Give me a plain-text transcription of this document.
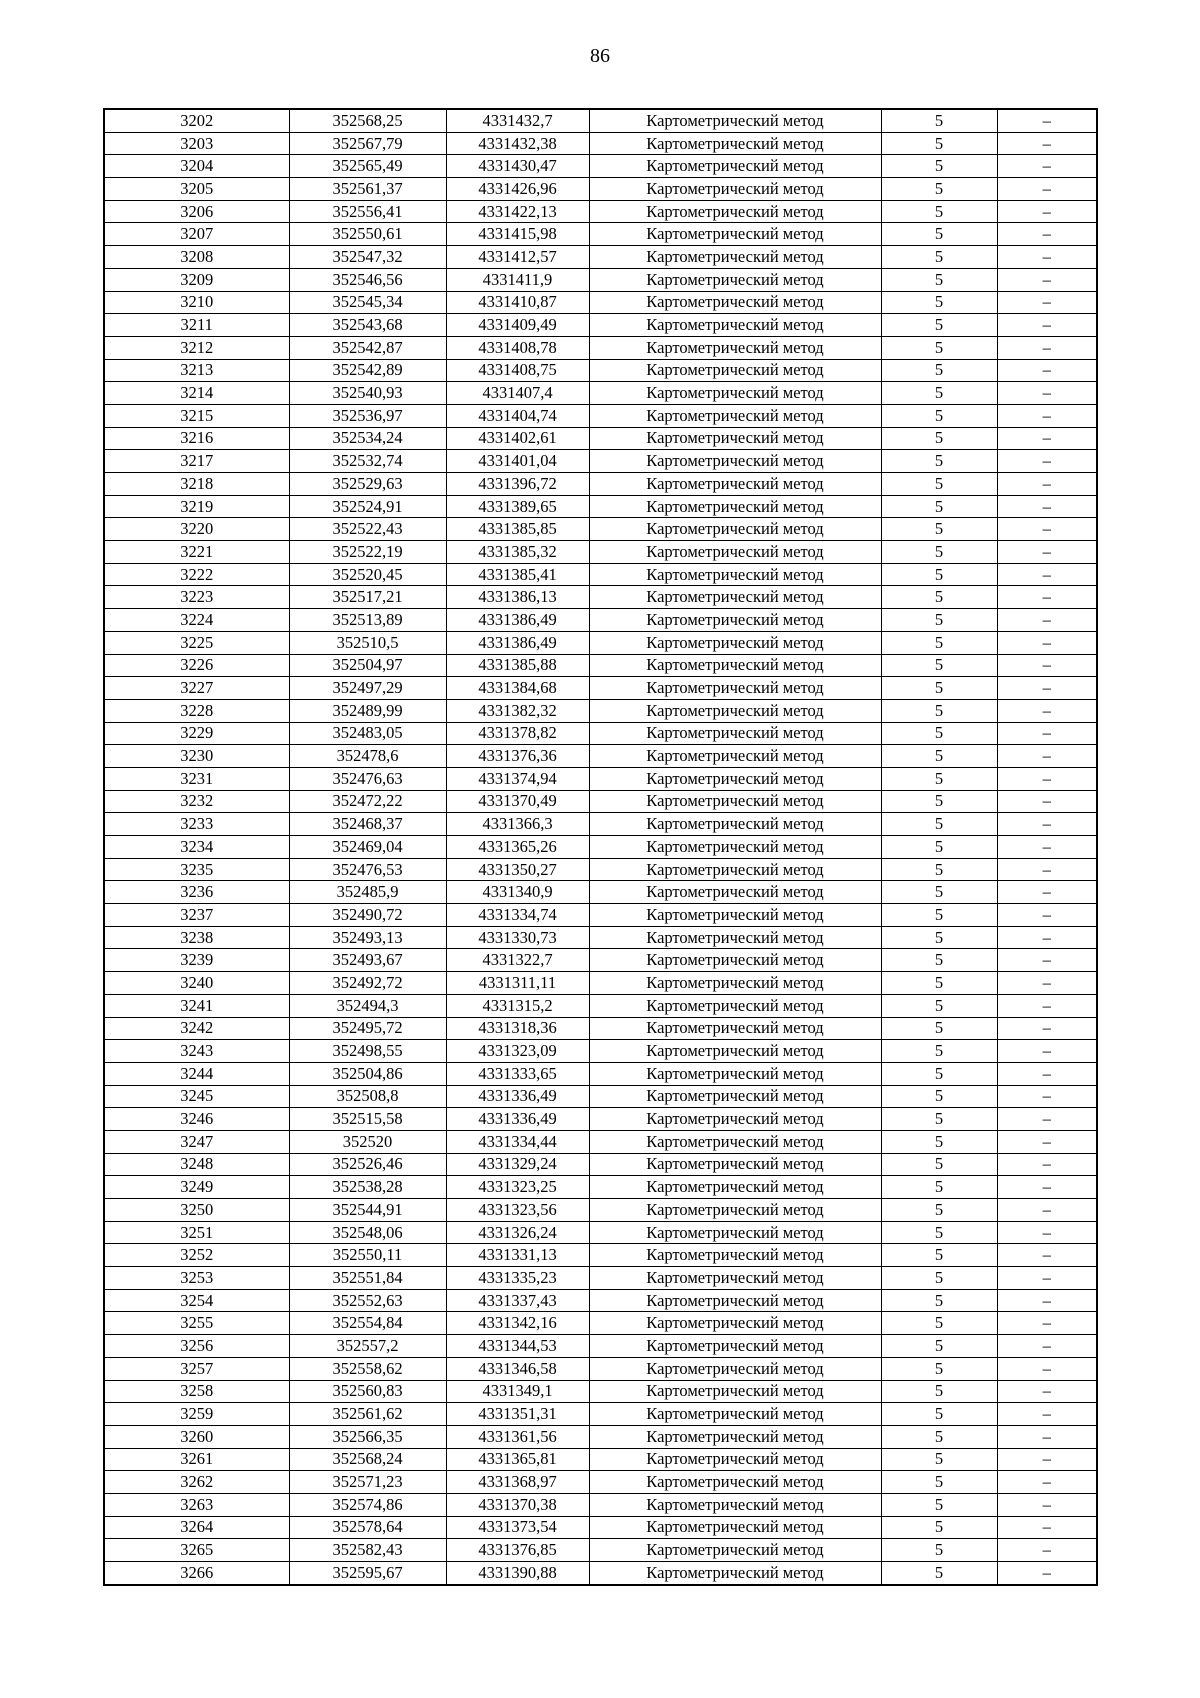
86
3202	352568,25	4331432,7	Картометрический метод	5	–
3203	352567,79	4331432,38	Картометрический метод	5	–
3204	352565,49	4331430,47	Картометрический метод	5	–
3205	352561,37	4331426,96	Картометрический метод	5	–
3206	352556,41	4331422,13	Картометрический метод	5	–
3207	352550,61	4331415,98	Картометрический метод	5	–
3208	352547,32	4331412,57	Картометрический метод	5	–
3209	352546,56	4331411,9	Картометрический метод	5	–
3210	352545,34	4331410,87	Картометрический метод	5	–
3211	352543,68	4331409,49	Картометрический метод	5	–
3212	352542,87	4331408,78	Картометрический метод	5	–
3213	352542,89	4331408,75	Картометрический метод	5	–
3214	352540,93	4331407,4	Картометрический метод	5	–
3215	352536,97	4331404,74	Картометрический метод	5	–
3216	352534,24	4331402,61	Картометрический метод	5	–
3217	352532,74	4331401,04	Картометрический метод	5	–
3218	352529,63	4331396,72	Картометрический метод	5	–
3219	352524,91	4331389,65	Картометрический метод	5	–
3220	352522,43	4331385,85	Картометрический метод	5	–
3221	352522,19	4331385,32	Картометрический метод	5	–
3222	352520,45	4331385,41	Картометрический метод	5	–
3223	352517,21	4331386,13	Картометрический метод	5	–
3224	352513,89	4331386,49	Картометрический метод	5	–
3225	352510,5	4331386,49	Картометрический метод	5	–
3226	352504,97	4331385,88	Картометрический метод	5	–
3227	352497,29	4331384,68	Картометрический метод	5	–
3228	352489,99	4331382,32	Картометрический метод	5	–
3229	352483,05	4331378,82	Картометрический метод	5	–
3230	352478,6	4331376,36	Картометрический метод	5	–
3231	352476,63	4331374,94	Картометрический метод	5	–
3232	352472,22	4331370,49	Картометрический метод	5	–
3233	352468,37	4331366,3	Картометрический метод	5	–
3234	352469,04	4331365,26	Картометрический метод	5	–
3235	352476,53	4331350,27	Картометрический метод	5	–
3236	352485,9	4331340,9	Картометрический метод	5	–
3237	352490,72	4331334,74	Картометрический метод	5	–
3238	352493,13	4331330,73	Картометрический метод	5	–
3239	352493,67	4331322,7	Картометрический метод	5	–
3240	352492,72	4331311,11	Картометрический метод	5	–
3241	352494,3	4331315,2	Картометрический метод	5	–
3242	352495,72	4331318,36	Картометрический метод	5	–
3243	352498,55	4331323,09	Картометрический метод	5	–
3244	352504,86	4331333,65	Картометрический метод	5	–
3245	352508,8	4331336,49	Картометрический метод	5	–
3246	352515,58	4331336,49	Картометрический метод	5	–
3247	352520	4331334,44	Картометрический метод	5	–
3248	352526,46	4331329,24	Картометрический метод	5	–
3249	352538,28	4331323,25	Картометрический метод	5	–
3250	352544,91	4331323,56	Картометрический метод	5	–
3251	352548,06	4331326,24	Картометрический метод	5	–
3252	352550,11	4331331,13	Картометрический метод	5	–
3253	352551,84	4331335,23	Картометрический метод	5	–
3254	352552,63	4331337,43	Картометрический метод	5	–
3255	352554,84	4331342,16	Картометрический метод	5	–
3256	352557,2	4331344,53	Картометрический метод	5	–
3257	352558,62	4331346,58	Картометрический метод	5	–
3258	352560,83	4331349,1	Картометрический метод	5	–
3259	352561,62	4331351,31	Картометрический метод	5	–
3260	352566,35	4331361,56	Картометрический метод	5	–
3261	352568,24	4331365,81	Картометрический метод	5	–
3262	352571,23	4331368,97	Картометрический метод	5	–
3263	352574,86	4331370,38	Картометрический метод	5	–
3264	352578,64	4331373,54	Картометрический метод	5	–
3265	352582,43	4331376,85	Картометрический метод	5	–
3266	352595,67	4331390,88	Картометрический метод	5	–
